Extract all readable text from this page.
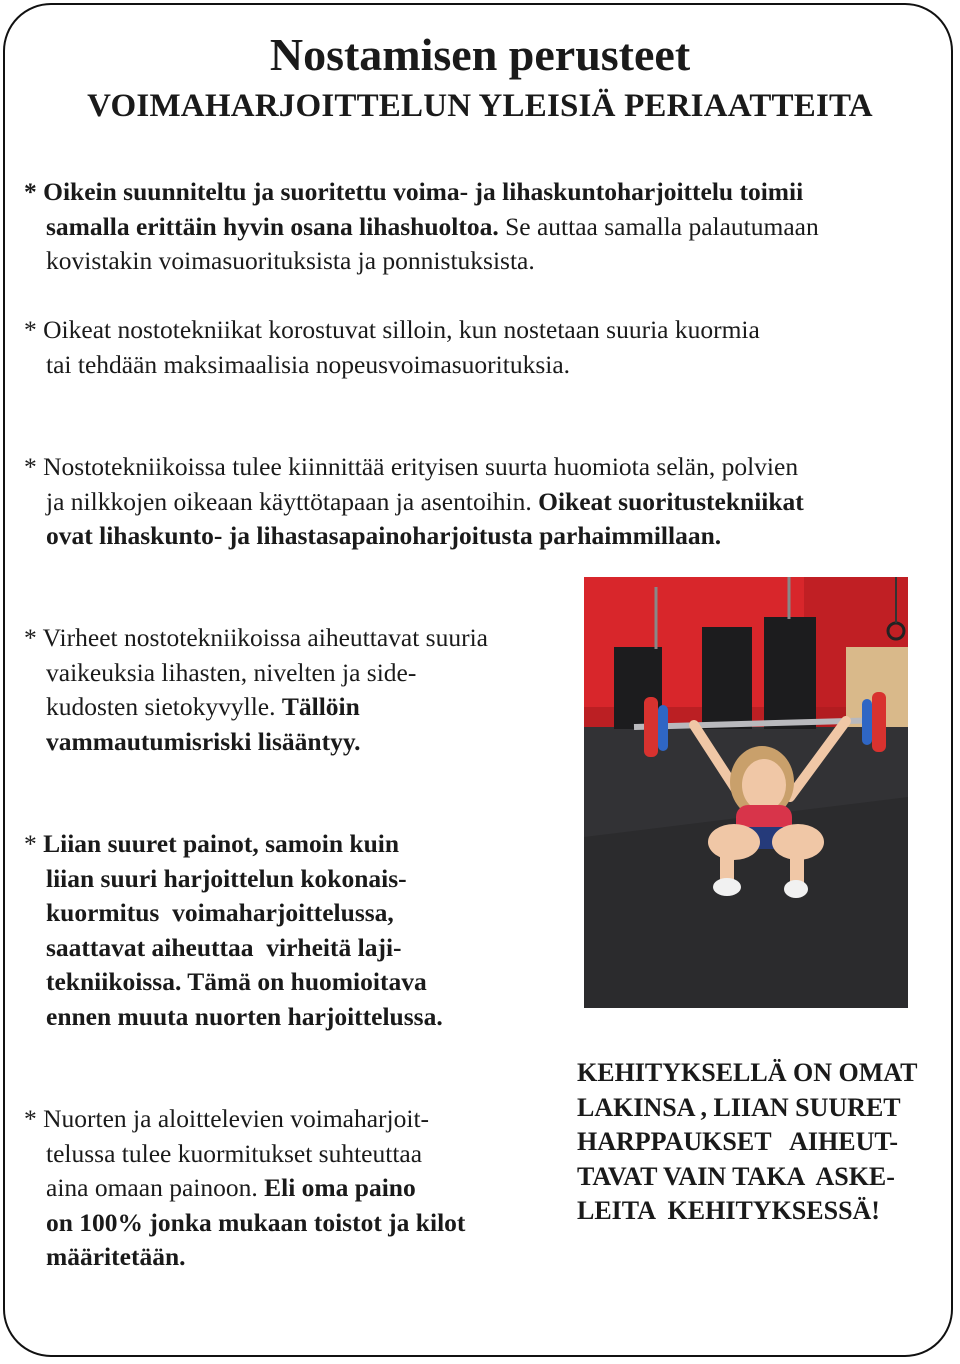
Nostamisen perusteet
VOIMAHARJOITTELUN YLEISIÄ PERIAATTEITA
* Oikein suunniteltu ja suoritettu voima- ja lihaskuntoharjoittelu toimii
samalla erittäin hyvin osana lihashuoltoa. Se auttaa samalla palautumaan
kovistakin voimasuorituksista ja ponnistuksista.
* Oikeat nostotekniikat korostuvat silloin, kun nostetaan suuria kuormia
tai tehdään maksimaalisia nopeusvoimasuorituksia.
* Nostotekniikoissa tulee kiinnittää erityisen suurta huomiota selän, polvien
ja nilkkojen oikeaan käyttötapaan ja asentoihin. Oikeat suoritustekniikat
ovat lihaskunto- ja lihastasapainoharjoitusta parhaimmillaan.
* Virheet nostotekniikoissa aiheuttavat suuria
vaikeuksia lihasten, nivelten ja side-
kudosten sietokyvylle. Tällöin
vammautumisriski lisääntyy.
* Liian suuret painot, samoin kuin
liian suuri harjoittelun kokonais-
kuormitus  voimaharjoittelussa,
saattavat aiheuttaa  virheitä laji-
tekniikoissa. Tämä on huomioitava
ennen muuta nuorten harjoittelussa.
* Nuorten ja aloittelevien voimaharjoit-
telussa tulee kuormitukset suhteuttaa
aina omaan painoon. Eli oma paino
on 100% jonka mukaan toistot ja kilot
määritetään.
KEHITYKSELLÄ ON OMAT
LAKINSA , LIIAN SUURET
HARPPAUKSET   AIHEUT-
TAVAT VAIN TAKA  ASKE-
LEITA  KEHITYKSESSÄ!
